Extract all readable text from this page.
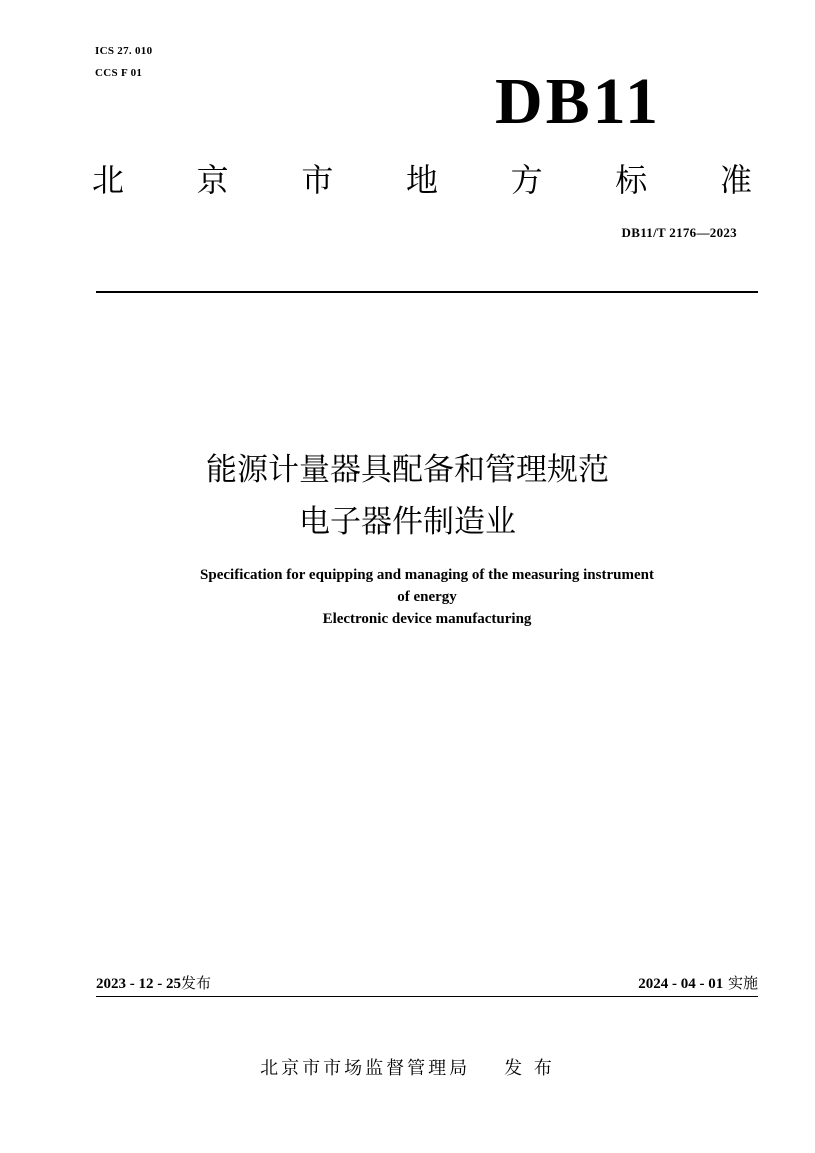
ICS 27. 010
CCS F 01	DB11
北 京 市 地 方 标 准
DB11/T 2176—2023
能源计量器具配备和管理规范
电子器件制造业
Specification for equipping and managing of the measuring instrument
of energy
Electronic device manufacturing
2023 - 12 - 25发布	2024 - 04 - 01 实施
北京市市场监督管理局 发 布
